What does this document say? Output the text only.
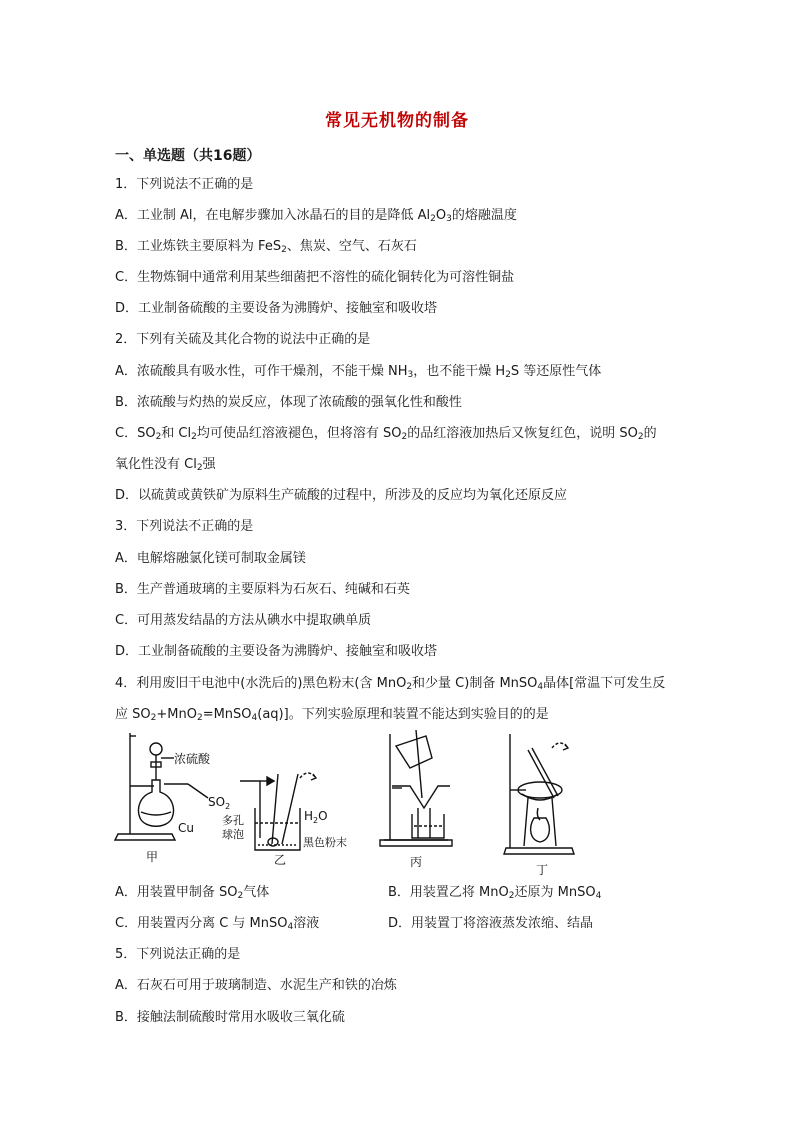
常见无机物的制备
一、单选题（共16题）
1．下列说法不正确的是
A．工业制 Al，在电解步骤加入冰晶石的目的是降低 $Al_2O_3$的熔融温度
B．工业炼铁主要原料为 FeS$_2$、焦炭、空气、石灰石
C．生物炼铜中通常利用某些细菌把不溶性的硫化铜转化为可溶性铜盐
D．工业制备硫酸的主要设备为沸腾炉、接触室和吸收塔
2．下列有关硫及其化合物的说法中正确的是
A．浓硫酸具有吸水性，可作干燥剂，不能干燥 $NH_3$，也不能干燥 $H_2S$ 等还原性气体
B．浓硫酸与灼热的炭反应，体现了浓硫酸的强氧化性和酸性
C．$SO_2$和 $Cl_2$均可使品红溶液褪色，但将溶有 $SO_2$的品红溶液加热后又恢复红色，说明 $SO_2$的
氧化性没有 $Cl_2$强
D．以硫黄或黄铁矿为原料生产硫酸的过程中，所涉及的反应均为氧化还原反应
3．下列说法不正确的是
A．电解熔融氯化镁可制取金属镁
B．生产普通玻璃的主要原料为石灰石、纯碱和石英
C．可用蒸发结晶的方法从碘水中提取碘单质
D．工业制备硫酸的主要设备为沸腾炉、接触室和吸收塔
4．利用废旧干电池中(水洗后的)黑色粉末(含 MnO$_2$和少量 C)制备 MnSO$_4$晶体[常温下可发生反
应 $SO_2+MnO_2=MnSO_4(aq)$]。下列实验原理和装置不能达到实验目的的是
浓硫酸
Cu
$SO_2$
$H_2O$
多孔
球泡
黑色粉末
甲	乙	丙
丁
A．用装置甲制备 $SO_2$气体	B．用装置乙将 MnO$_2$还原为 MnSO$_4$
C．用装置丙分离 C 与 MnSO$_4$溶液	D．用装置丁将溶液蒸发浓缩、结晶
5．下列说法正确的是
A．石灰石可用于玻璃制造、水泥生产和铁的冶炼
B．接触法制硫酸时常用水吸收三氧化硫
